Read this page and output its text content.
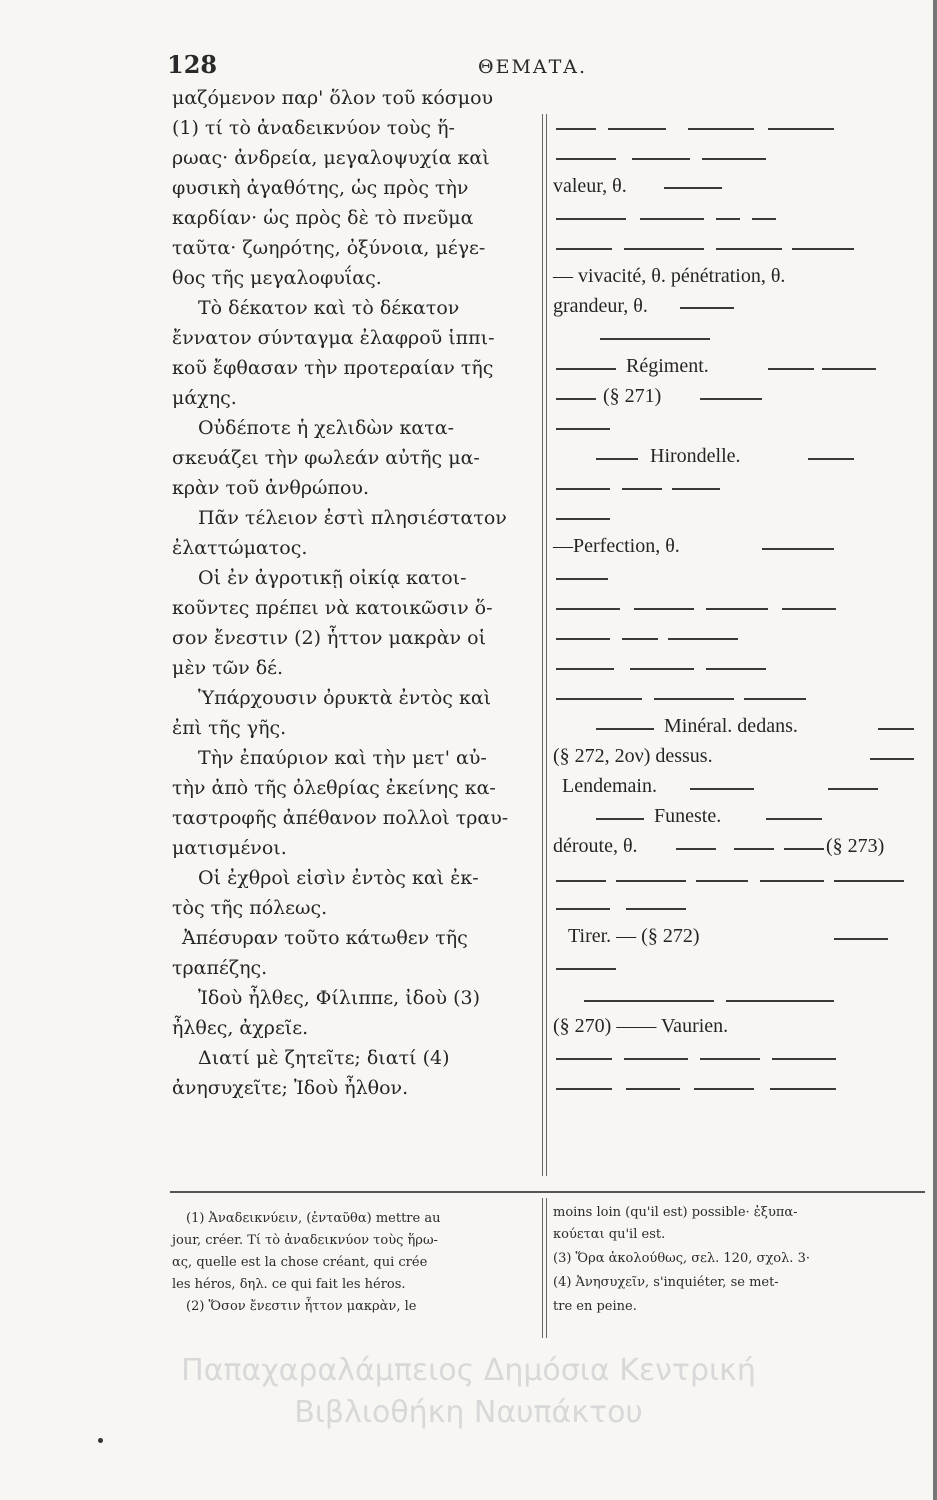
128	ΘΕΜΑΤΑ.
μαζόμενον παρ' ὅλον τοῦ κόσμου
(1) τί τὸ ἀναδεικνύον τοὺς ἥ-
ρωας· ἀνδρεία, μεγαλοψυχία καὶ
φυσικὴ ἀγαθότης, ὡς πρὸς τὴν
καρδίαν· ὡς πρὸς δὲ τὸ πνεῦμα
ταῦτα· ζωηρότης, ὀξύνοια, μέγε-
θος τῆς μεγαλοφυΐας.
Τὸ δέκατον καὶ τὸ δέκατον
ἔννατον σύνταγμα ἐλαφροῦ ἱππι-
κοῦ ἔφθασαν τὴν προτεραίαν τῆς
μάχης.
Οὐδέποτε ἡ χελιδὼν κατα-
σκευάζει τὴν φωλεάν αὐτῆς μα-
κρὰν τοῦ ἀνθρώπου.
Πᾶν τέλειον ἐστὶ πλησιέστατον
ἐλαττώματος.
Οἱ ἐν ἀγροτικῇ οἰκίᾳ κατοι-
κοῦντες πρέπει νὰ κατοικῶσιν ὅ-
σον ἔνεστιν (2) ἧττον μακρὰν οἱ
μὲν τῶν δέ.
Ὑπάρχουσιν ὀρυκτὰ ἐντὸς καὶ
ἐπὶ τῆς γῆς.
Τὴν ἐπαύριον καὶ τὴν μετ' αὐ-
τὴν ἀπὸ τῆς ὀλεθρίας ἐκείνης κα-
ταστροφῆς ἀπέθανον πολλοὶ τραυ-
ματισμένοι.
Οἱ ἐχθροὶ εἰσὶν ἐντὸς καὶ ἐκ-
τὸς τῆς πόλεως.
Ἀπέσυραν τοῦτο κάτωθεν τῆς
τραπέζης.
Ἰδοὺ ἦλθες, Φίλιππε, ἰδοὺ (3)
ἦλθες, ἀχρεῖε.
Διατί μὲ ζητεῖτε; διατί (4)
ἀνησυχεῖτε; Ἰδοὺ ἦλθον.
valeur, θ.
— vivacité, θ. pénétration, θ.
grandeur, θ.
Régiment.
(§ 271)
Hirondelle.
—Perfection, θ.
Minéral. dedans.
(§ 272, 2ον) dessus.
Lendemain.
Funeste.
déroute, θ.	(§ 273)
Tirer. — (§ 272)
(§ 270) —— Vaurien.
(1) Ἀναδεικνύειν, (ἐνταῦθα) mettre au
jour, créer. Τί τὸ ἀναδεικνύον τοὺς ἥρω-
ας, quelle est la chose créant, qui crée
les héros, δηλ. ce qui fait les héros.
(2) Ὅσον ἔνεστιν ἧττον μακρὰν, le
moins loin (qu'il est) possible· ἐξυπα-
κούεται qu'il est.
(3) Ὅρα ἀκολούθως, σελ. 120, σχολ. 3·
(4) Ἀνησυχεῖν, s'inquiéter, se met-
tre en peine.
Παπαχαραλάμπειος Δημόσια Κεντρική
Βιβλιοθήκη Ναυπάκτου
